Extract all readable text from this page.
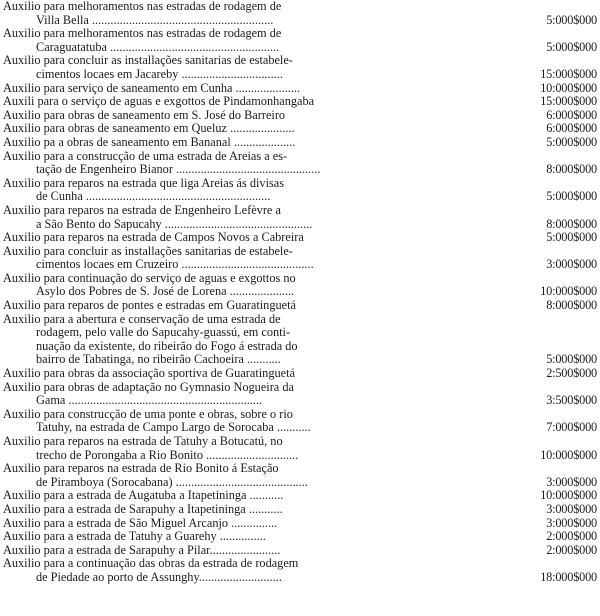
Auxilio para melhoramentos nas estradas de rodagem de
Villa Bella ...........................................................	5:000$000
Auxilio para melhoramentos nas estradas de rodagem de
Caraguatatuba .......................................................	5:000$000
Auxilio para concluir as installações sanitarias de estabele-
cimentos locaes em Jacareby .................................	15:000$000
Auxilio para serviço de saneamento em Cunha .....................	10:000$000
Auxili para o serviço de aguas e exgottos de Pindamonhangaba	15:000$000
Auxilio para obras de saneamento em S. José do Barreiro	6:000$000
Auxilio para obras de saneamento em Queluz .....................	6:000$000
Auxilio pa a obras de saneamento em Bananal ....................	5:000$000
Auxilio para a construcção de uma estrada de Areias a es-
tação de Engenheiro Bianor ...............................................	8:000$000
Auxilio para reparos na estrada que liga Areias ás divisas
de Cunha ............................................................	5:000$000
Auxilio para reparos na estrada de Engenheiro Lefèvre a
a São Bento do Sapucahy ................................................	8:000$000
Auxilio para reparos na estrada de Campos Novos a Cabreira	5:000$000
Auxilio para concluir as installações sanitarias de estabele-
cimentos locaes em Cruzeiro ...........................................	3:000$000
Auxilio para continuação do serviço de aguas e exgottos no
Asylo dos Pobres de S. José de Lorena .....................	10:000$000
Auxilio para reparos de pontes e estradas em Guaratinguetá	8:000$000
Auxilio para a abertura e conservação de uma estrada de
rodagem, pelo valle do Sapucahy-guassú, em conti-
nuação da existente, do ribeirão do Fogo á estrada do
bairro de Tabatinga, no ribeirão Cachoeira ...........	5:000$000
Auxilio para obras da associação sportiva de Guaratinguetá	2:500$000
Auxilio para obras de adaptação no Gymnasio Nogueira da
Gama ...............................................................	3:500$000
Auxilio para construcção de uma ponte e obras, sobre o rio
Tatuhy, na estrada de Campo Largo de Sorocaba ...........	7:000$000
Auxilio para reparos na estrada de Tatuhy a Botucatú, no
trecho de Porongaba a Rio Bonito ..............................	10:000$000
Auxilio para reparos na estrada de Rio Bonito á Estação
de Piramboya (Sorocabana) ...........................................	3:000$000
Auxilio para a estrada de Augatuba a Itapetininga ...........	10:000$000
Auxilio para a estrada de Sarapuhy a Itapetininga ...........	3:000$000
Auxilio para a estrada de São Miguel Arcanjo ...............	3:000$000
Auxilio para a estrada de Tatuhy a Guarehy ...............	2:000$000
Auxilio para a estrada de Sarapuhy a Pilar.......................	2:000$000
Auxilio para a continuação das obras da estrada de rodagem
de Piedade ao porto de Assunghy...........................	18:000$000
